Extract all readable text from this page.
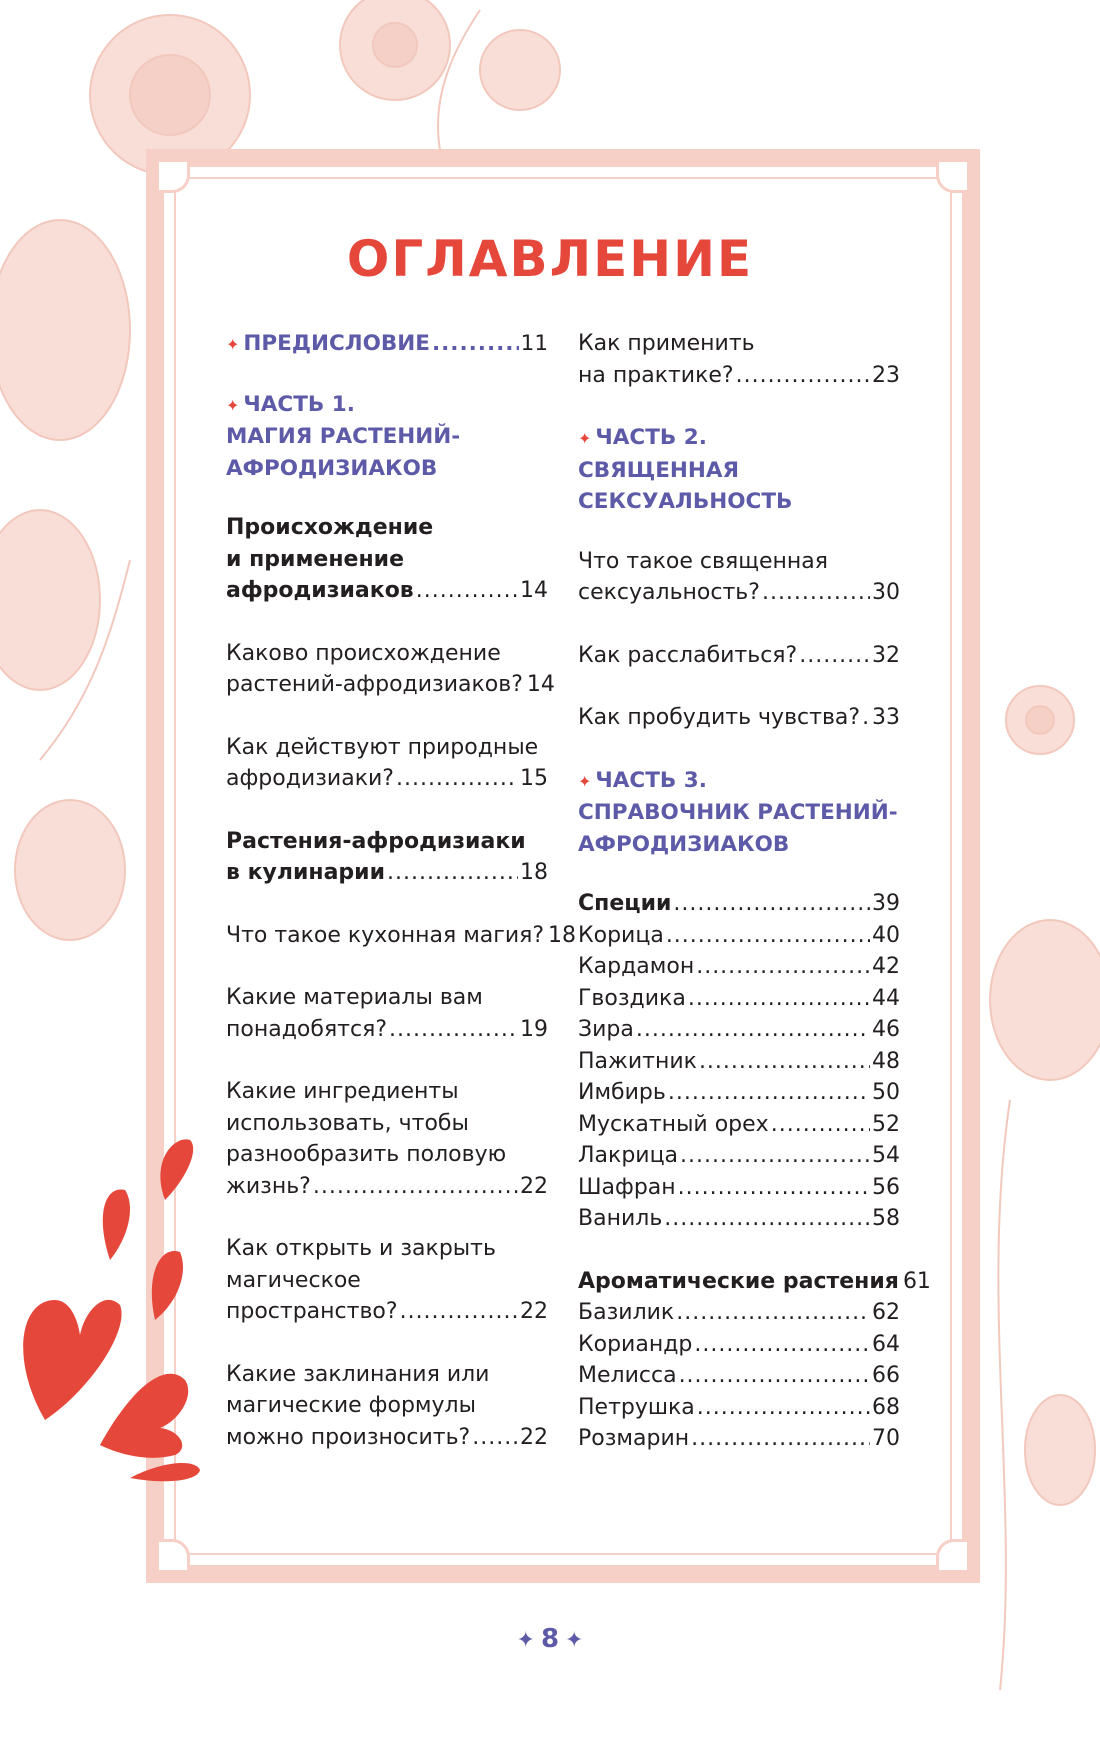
ОГЛАВЛЕНИЕ
✦ ПРЕДИСЛОВИЕ .....	11
✦ ЧАСТЬ 1.
МАГИЯ РАСТЕНИЙ-
АФРОДИЗИАКОВ
Происхождение
и применение
афродизиаков .....	14
Каково происхождение
растений-афродизиаков? 14
Как действуют природные
афродизиаки? .....	15
Растения-афродизиаки
в кулинарии .....	18
Что такое кухонная магия? 18
Какие материалы вам
понадобятся? .....	19
Какие ингредиенты
использовать, чтобы
разнообразить половую
жизнь? .....	22
Как открыть и закрыть
магическое
пространство? .....	22
Какие заклинания или
магические формулы
можно произносить? ..... 22
Как применить
на практике? .....	23
✦ ЧАСТЬ 2.
СВЯЩЕННАЯ
СЕКСУАЛЬНОСТЬ
Что такое священная
сексуальность? .....	30
Как расслабиться? .....	32
Как пробудить чувства? ..... 33
✦ ЧАСТЬ 3.
СПРАВОЧНИК РАСТЕНИЙ-
АФРОДИЗИАКОВ
Специи .....	39
Корица .....	40
Кардамон .....	42
Гвоздика .....	44
Зира .....	46
Пажитник .....	48
Имбирь .....	50
Мускатный орех .....	52
Лакрица .....	54
Шафран .....	56
Ваниль .....	58
Ароматические растения 61
Базилик .....	62
Кориандр .....	64
Мелисса .....	66
Петрушка .....	68
Розмарин .....	70
✦ 8 ✦
